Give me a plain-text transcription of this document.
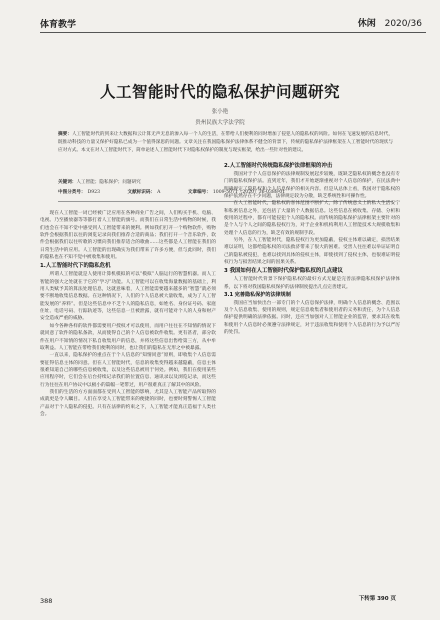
体育教学	休闲 2020/36
人工智能时代的隐私保护问题研究
张小艳
贵州民族大学法学院
摘要：人工智能时代的到来让大数据和云计算无声无息的渗入每一个人的生活，在带给人们便利的同时增加了侵犯人的隐私权的风险。如何在飞速发展的信息时代，既推动科技的力量又保护好隐私已成为一个值得深思的问题。文章关注在我国隐私保护法律体系不健全的背景下，传统的隐私保护法律框架在人工智能时代的现状与应对方式。本文在对人工智能时代下，简单论述人工智能时代下对隐私权保护的制度与现实框架，给出一些针对性的建议。
关键词：人工智能；隐私保护；问题研究
中图分类号： D923	文献标识码： A	文章编号： 1009-5071（2020）36-0388-01

现在人工智能一词已经被广泛应用在各种商业广告之间，人们购买手机、电脑、电视、乃至播放器等等都打着人工智能的旗号。而我们在日常生活中购物的时候，我们也会在不知不觉中感受到人工智能带来的便利。例如我们打开一个购物软件，购物软件会根据我们以往的浏览记录向我们推荐合适的商品；我们打开一个音乐软件，软件会根据我们以往听歌的习惯向我们推荐适合的歌曲……这些都是人工智能在我们的日常生活中的应用。人工智能的出现确实为我们带来了许多方便，但与此同时，我们的隐私也在不知不觉中被收集和使用。

1.人工智能时代下的隐私危机

所谓人工智能就是人使用计算机模拟的可以“模拟”人脑运行的智慧机器。而人工智能的强大之处就在于它的“学习”功能。人工智能可以在收集海量数据的基础上，利用人类赋予其的算法处理信息，这就意味着，人工智能需要越来越多的“智慧”就必须要不断地收集信息数据。在这种情况下，人们的个人信息被大量收集，成为了人工智能发展的“养料”。但是这些信息中不乏个人的隐私信息，如姓名、身份证号码、家庭住址、电话号码、行踪轨迹等，这些信息一旦被泄露，就有可能对个人的人身和财产安全造成严重的威胁。

如今各种各样的软件都需要用户授权才可以使用，而用户往往在不知情的情况下就同意了软件的隐私条款，从而使得自己的个人信息被软件收集。更有甚者，部分软件在用户不知情的情况下私自收集用户的信息，并将这些信息出售给第三方，从中牟取利益。人工智能在带给我们便利的同时，也让我们的隐私在无形之中被暴露。

一直以来，隐私保护的重点在于个人信息的“知情同意”原则，即收集个人信息需要征得信息主体的同意。但在人工智能时代，信息的收集变得越来越隐蔽，信息主体很难知道自己的哪些信息被收集，以及这些信息被用于何处。例如，我们在使用某些应用程序时，它们会在后台持续记录我们的位置信息、通讯录以及浏览记录，而这些行为往往在用户协议中以极小的篇幅一笔带过，用户很难真正了解其中的风险。

我们的生活的方方面面都在受到人工智能的影响，尤其是人工智能产品所取得的成就更是令人瞩目。人们在享受人工智能带来的便捷的同时，也要时刻警惕人工智能产品对于个人隐私的侵犯。只有在法律的约束之下，人工智能才能真正造福于人类社会。

2.人工智能时代传统隐私保护法律框架的冲击

我国对于个人信息保护的法律规制发展起步较晚，既缺乏隐私权的概念也没有专门的隐私权保护法。直到近年，我们才开始逐渐重视对个人信息的保护，在民法典中明确规定了隐私权和个人信息保护的相关内容。但是从总体上看，我国对于隐私权的保护依然存在不少问题，法律规定较为分散，缺乏系统性和可操作性。

在人工智能时代，隐私权的客体范围不断扩大，除了传统意义上的私人生活安宁和私密信息之外，还包括了大量的个人数据信息。这些信息在被收集、存储、分析和使用的过程中，都有可能侵犯个人的隐私权。而传统的隐私保护法律框架主要针对的是个人与个人之间的隐私侵权行为，对于企业和机构利用人工智能技术大规模收集和处理个人信息的行为，缺乏有效的规制手段。

另外，在人工智能时代，隐私侵权行为更加隐蔽，侵权主体难以确定，损害结果难以证明，这都给隐私权的司法救济带来了很大的困难。受害人往往难以举证证明自己的隐私被侵犯，也难以找到具体的侵权主体，即使找到了侵权主体，也很难证明侵权行为与损害结果之间的因果关系。

3 我国如何在人工智能时代保护隐私权的几点建议

人工智能时代背景下保护隐私权的最好方式无疑是完善法律隐私权保护法律体系，以下将对我国隐私权保护的法律制度提出几点完善建议。

3.1 完善隐私保护的法律规制

我国应当加快出台一部专门的个人信息保护法律，明确个人信息的概念、范围以及个人信息收集、使用的规则，规定信息收集者和使用者的义务和责任，为个人信息保护提供明确的法律依据。同时，还应当加强对人工智能企业的监管，要求其在收集和使用个人信息时必须遵守法律规定，对于违法收集和使用个人信息的行为予以严厉的处罚。

下转第 390 页
388
